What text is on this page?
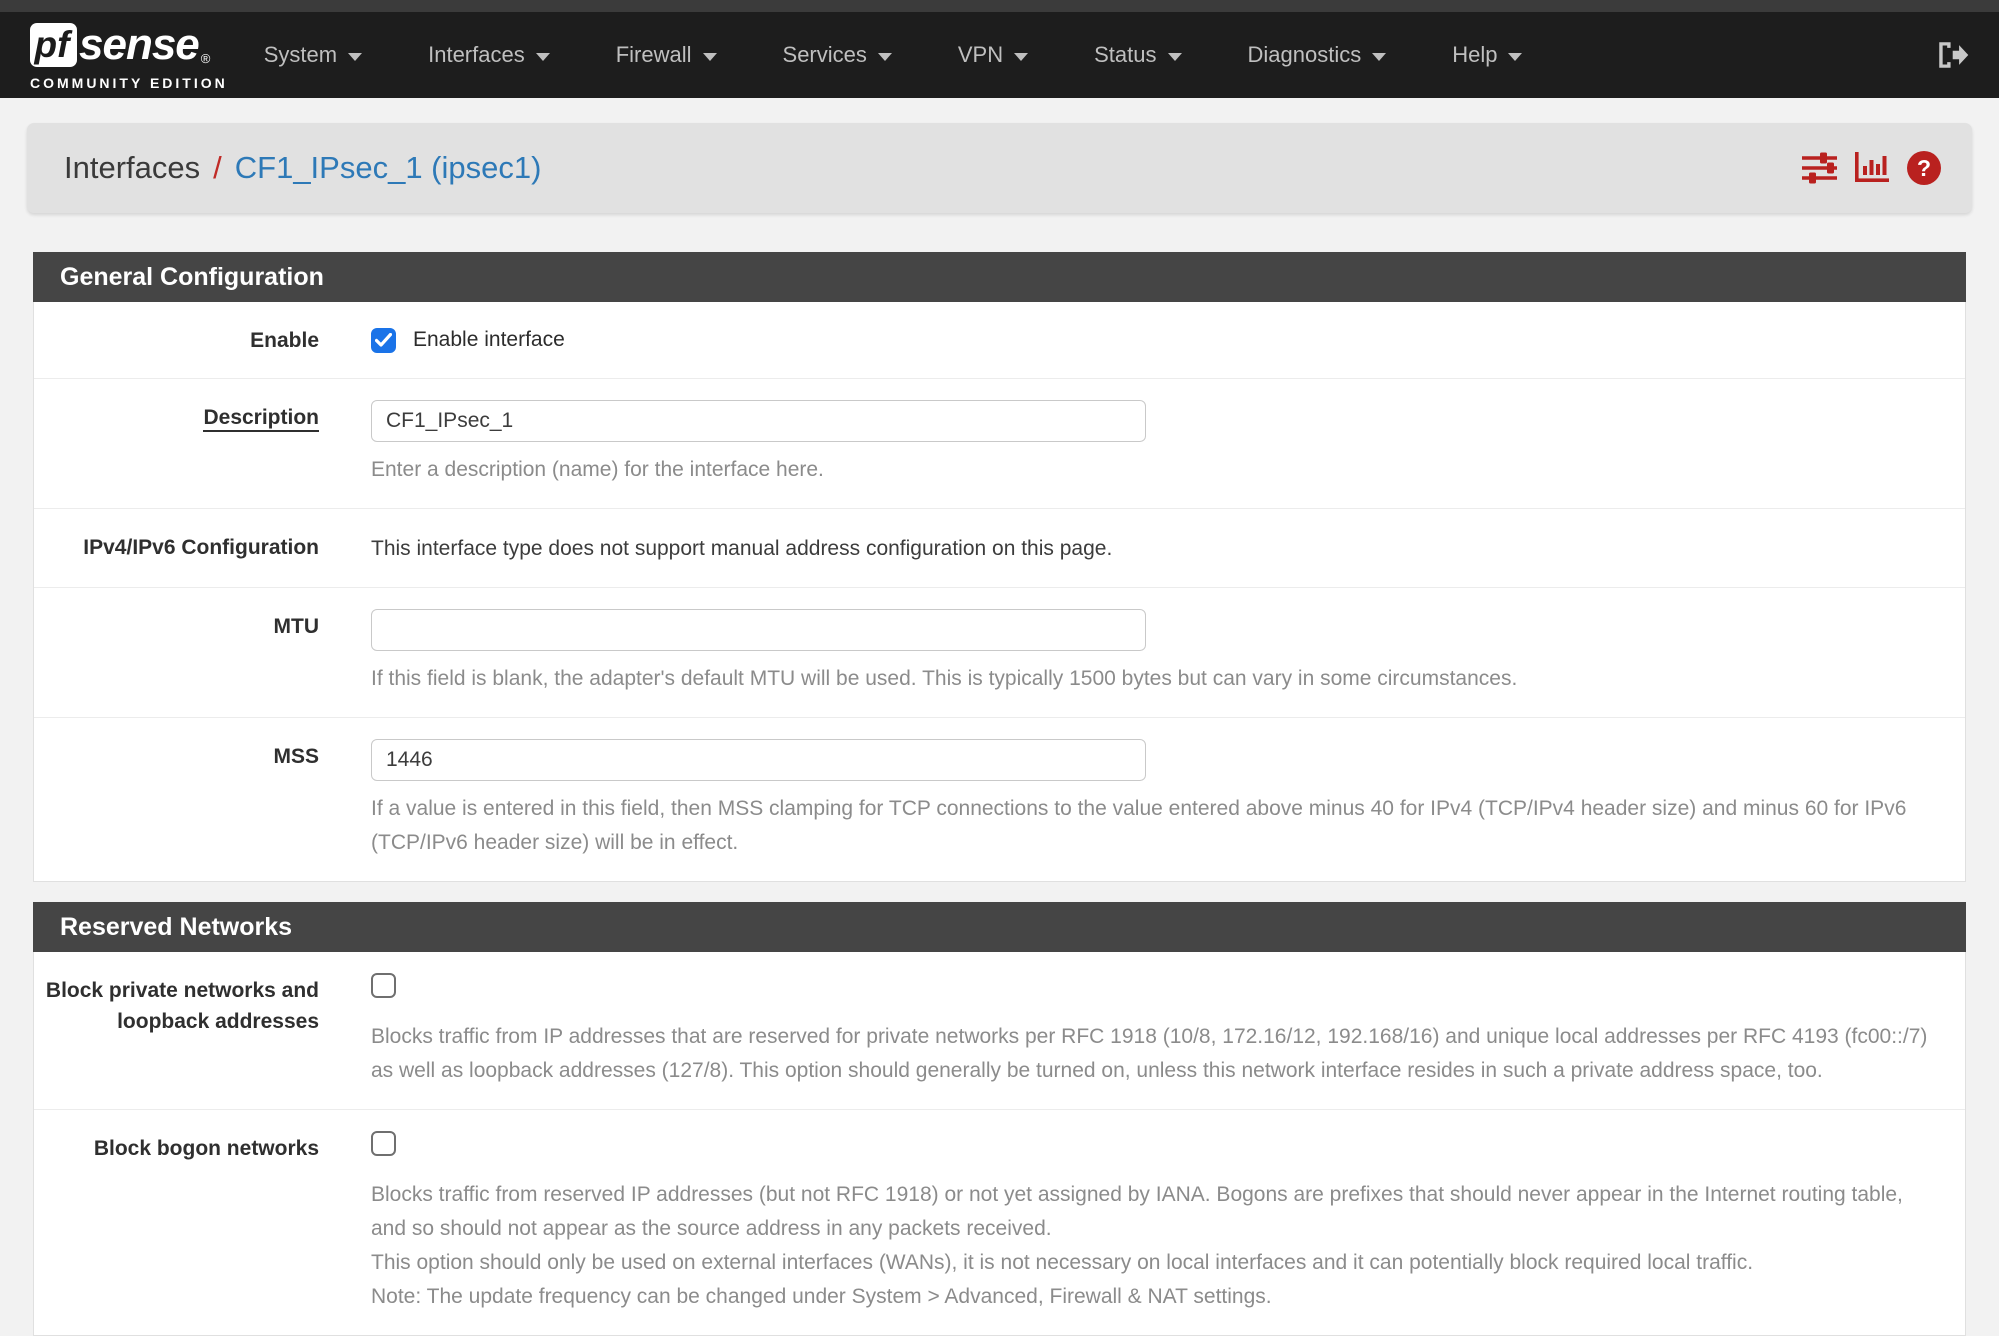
pf sense ®
COMMUNITY EDITION
System	Interfaces	Firewall	Services	VPN	Status	Diagnostics	Help
Interfaces / CF1_IPsec_1 (ipsec1)	?
General Configuration
Enable	Enable interface
Description
CF1_IPsec_1
Enter a description (name) for the interface here.
IPv4/IPv6 Configuration	This interface type does not support manual address configuration on this page.
MTU
If this field is blank, the adapter's default MTU will be used. This is typically 1500 bytes but can vary in some circumstances.
MSS
1446
If a value is entered in this field, then MSS clamping for TCP connections to the value entered above minus 40 for IPv4 (TCP/IPv4 header size) and minus 60 for IPv6 (TCP/IPv6 header size) will be in effect.
Reserved Networks
Block private networks and loopback addresses
Blocks traffic from IP addresses that are reserved for private networks per RFC 1918 (10/8, 172.16/12, 192.168/16) and unique local addresses per RFC 4193 (fc00::/7) as well as loopback addresses (127/8). This option should generally be turned on, unless this network interface resides in such a private address space, too.
Block bogon networks
Blocks traffic from reserved IP addresses (but not RFC 1918) or not yet assigned by IANA. Bogons are prefixes that should never appear in the Internet routing table, and so should not appear as the source address in any packets received.
This option should only be used on external interfaces (WANs), it is not necessary on local interfaces and it can potentially block required local traffic.
Note: The update frequency can be changed under System > Advanced, Firewall & NAT settings.
